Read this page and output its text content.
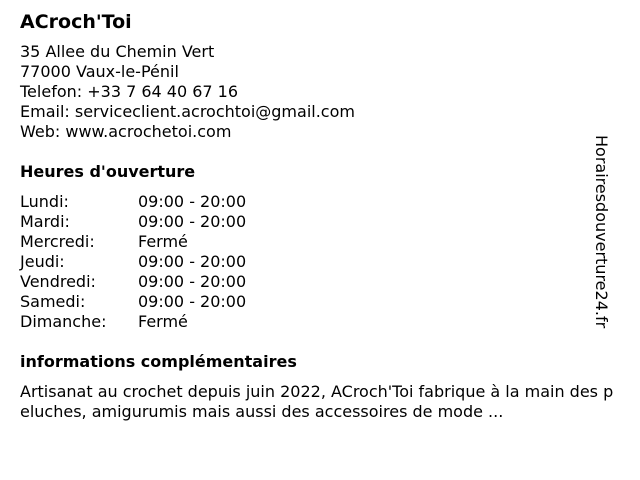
ACroch'Toi
35 Allee du Chemin Vert
77000 Vaux-le-Pénil
Telefon: +33 7 64 40 67 16
Email: serviceclient.acrochtoi@gmail.com
Web: www.acrochetoi.com
Heures d'ouverture
Lundi:	09:00 - 20:00
Mardi:	09:00 - 20:00
Mercredi:	Fermé
Jeudi:	09:00 - 20:00
Vendredi:	09:00 - 20:00
Samedi:	09:00 - 20:00
Dimanche:	Fermé
informations complémentaires
Artisanat au crochet depuis juin 2022, ACroch'Toi fabrique à la main des peluches, amigurumis mais aussi des accessoires de mode ...
Horairesdouverture24.fr
